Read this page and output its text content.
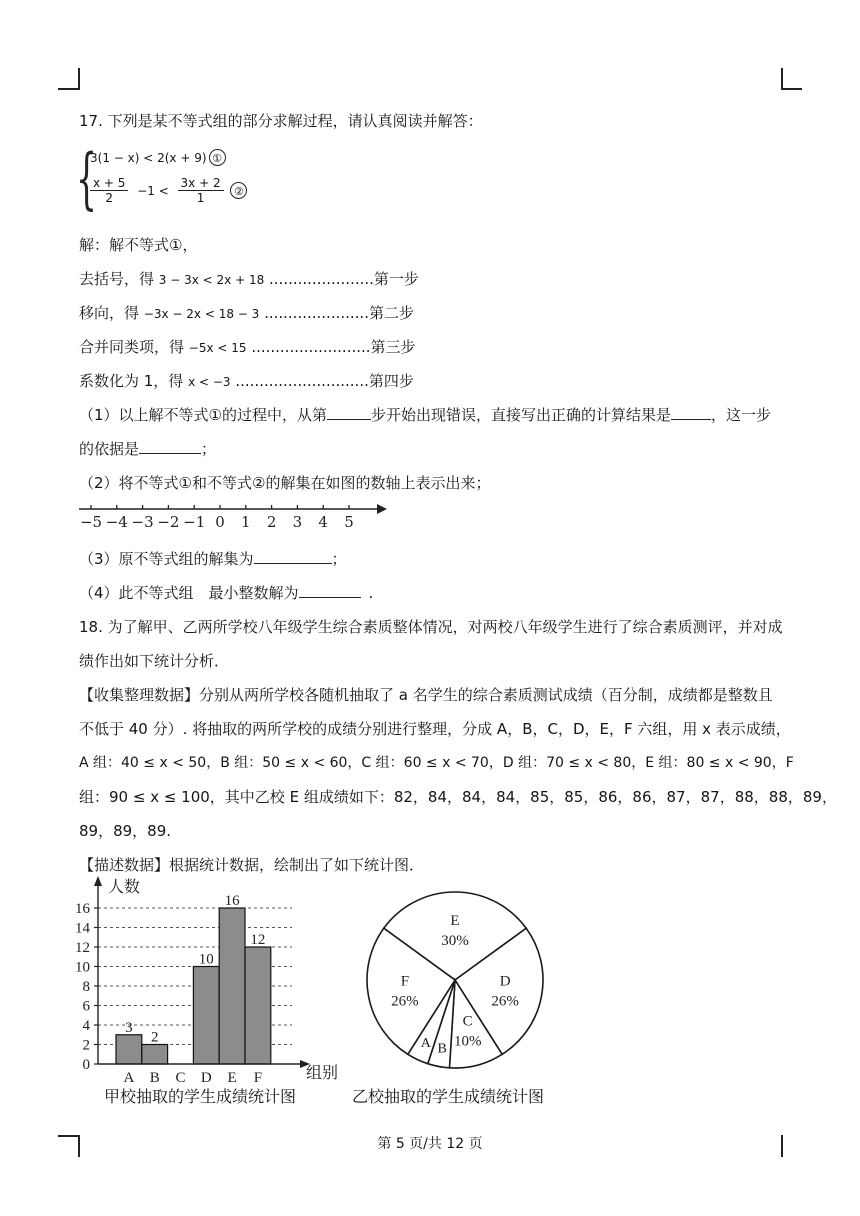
17. 下列是某不等式组的部分求解过程，请认真阅读并解答：
{
3(1 − x) < 2(x + 9) ①
$\frac{x + 5}{2} -1 < \frac{3x + 2}{1}$ ②
解：解不等式①，
去括号，得 3 − 3x < 2x + 18 ......................第一步
移向，得 −3x − 2x < 18 − 3 ......................第二步
合并同类项，得 −5x < 15 .........................第三步
系数化为 1，得 x < −3 ............................第四步
（1）以上解不等式①的过程中，从第	步开始出现错误，直接写出正确的计算结果是	，这一步
的依据是	；
（2）将不等式①和不等式②的解集在如图的数轴上表示出来；
−5 −4 −3 −2 −1 0 1 2 3 4 5
（3）原不等式组的解集为	；
（4）此不等式组　最小整数解为	.
18. 为了解甲、乙两所学校八年级学生综合素质整体情况，对两校八年级学生进行了综合素质测评，并对成
绩作出如下统计分析．
【收集整理数据】分别从两所学校各随机抽取了 a 名学生的综合素质测试成绩（百分制，成绩都是整数且
不低于 40 分）. 将抽取的两所学校的成绩分别进行整理，分成 A，B，C，D，E，F 六组，用 x 表示成绩，
A 组：40 ≤ x < 50，B 组：50 ≤ x < 60，C 组：60 ≤ x < 70，D 组：70 ≤ x < 80，E 组：80 ≤ x < 90，F
组：90 ≤ x ≤ 100，其中乙校 E 组成绩如下：82，84，84，84，85，85，86，86，87，87，88，88，89，
89，89，89.
【描述数据】根据统计数据，绘制出了如下统计图．
0
2
4
6
8
10
12
14
16
3
A
2
B C
10
D
16
E
12
F
人数
组别
甲校抽取的学生成绩统计图
E
30%
D
26%
C
10%
B
A
F
26%
乙校抽取的学生成绩统计图
第 5 页/共 12 页
